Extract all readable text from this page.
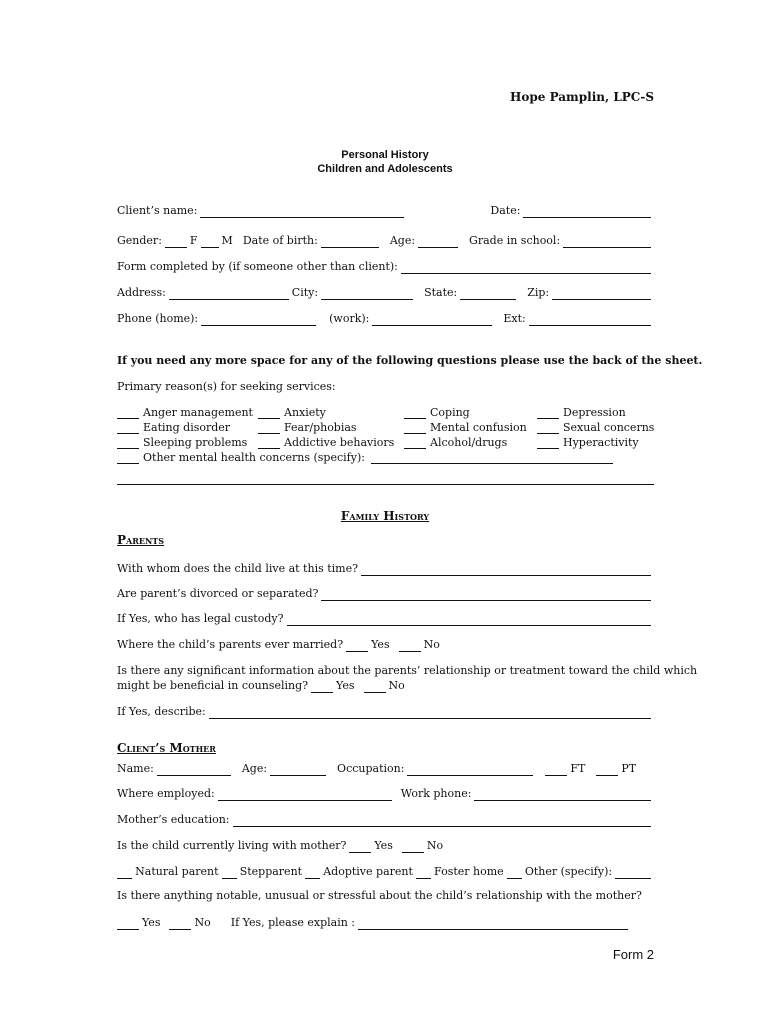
Hope Pamplin, LPC-S
Personal History
Children and Adolescents
Client’s name:	Date:
Gender:	F M Date of birth:	Age:	Grade in school:
Form completed by (if someone other than client):
Address:	City:	State:	Zip:
Phone (home):	(work):	Ext:
If you need any more space for any of the following questions please use the back of the sheet.
Primary reason(s) for seeking services:
Anger management	Anxiety	Coping	Depression
Eating disorder	Fear/phobias	Mental confusion	Sexual concerns
Sleeping problems	Addictive behaviors	Alcohol/drugs	Hyperactivity
Other mental health concerns (specify):
Family History
Parents
With whom does the child live at this time?
Are parent’s divorced or separated?
If Yes, who has legal custody?
Where the child’s parents ever married?	Yes	No
Is there any significant information about the parents’ relationship or treatment toward the child which
might be beneficial in counseling?	Yes	No
If Yes, describe:
Client’s Mother
Name:	Age:	Occupation:	FT	PT
Where employed:	Work phone:
Mother’s education:
Is the child currently living with mother?	Yes	No
Natural parent Stepparent Adoptive parent Foster home Other (specify):
Is there anything notable, unusual or stressful about the child’s relationship with the mother?
Yes	No If Yes, please explain :
Form 2
